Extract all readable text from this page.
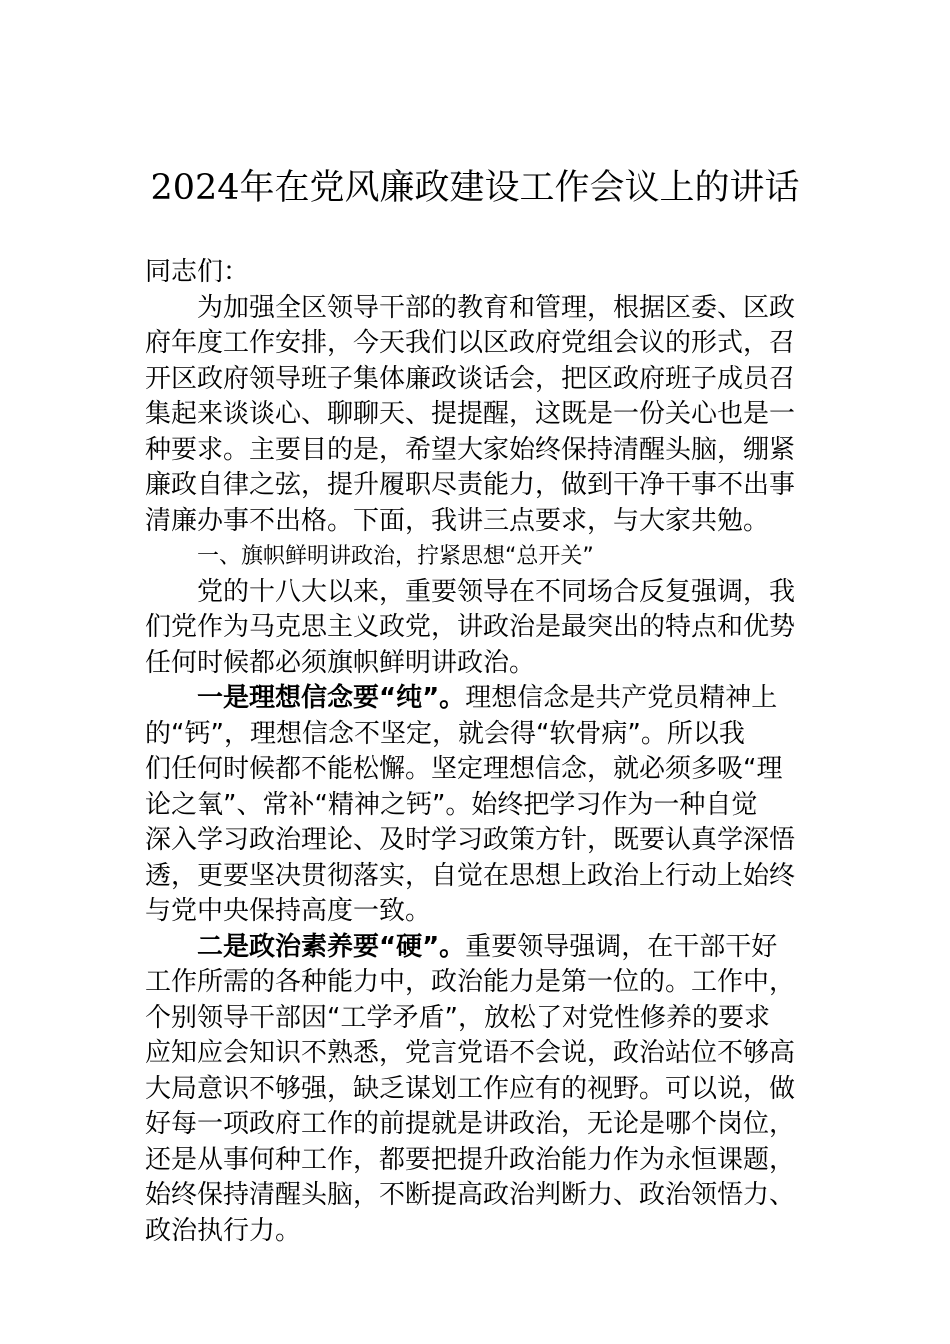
2024年在党风廉政建设工作会议上的讲话
同志们：
为加强全区领导干部的教育和管理，根据区委、区政
府年度工作安排，今天我们以区政府党组会议的形式，召
开区政府领导班子集体廉政谈话会，把区政府班子成员召
集起来谈谈心、聊聊天、提提醒，这既是一份关心也是一
种要求。主要目的是，希望大家始终保持清醒头脑，绷紧
廉政自律之弦，提升履职尽责能力，做到干净干事不出事
清廉办事不出格。下面，我讲三点要求，与大家共勉。
一、旗帜鲜明讲政治，拧紧思想“总开关”
党的十八大以来，重要领导在不同场合反复强调，我
们党作为马克思主义政党，讲政治是最突出的特点和优势
任何时候都必须旗帜鲜明讲政治。
一是理想信念要“纯”。理想信念是共产党员精神上
的“钙”，理想信念不坚定，就会得“软骨病”。所以我
们任何时候都不能松懈。坚定理想信念，就必须多吸“理
论之氧”、常补“精神之钙”。始终把学习作为一种自觉
深入学习政治理论、及时学习政策方针，既要认真学深悟
透，更要坚决贯彻落实，自觉在思想上政治上行动上始终
与党中央保持高度一致。
二是政治素养要“硬”。重要领导强调，在干部干好
工作所需的各种能力中，政治能力是第一位的。工作中，
个别领导干部因“工学矛盾”，放松了对党性修养的要求
应知应会知识不熟悉，党言党语不会说，政治站位不够高
大局意识不够强，缺乏谋划工作应有的视野。可以说，做
好每一项政府工作的前提就是讲政治，无论是哪个岗位，
还是从事何种工作，都要把提升政治能力作为永恒课题，
始终保持清醒头脑，不断提高政治判断力、政治领悟力、
政治执行力。
